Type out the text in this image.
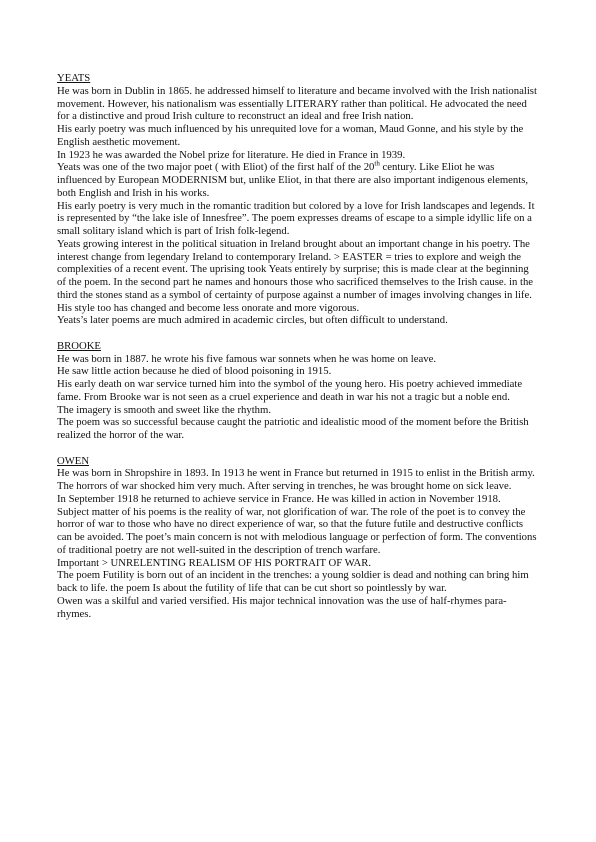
YEATS

He was born in Dublin in 1865. he addressed himself to literature and became involved with the Irish nationalist movement. However, his nationalism was essentially LITERARY rather than political. He advocated the need for a distinctive and proud Irish culture to reconstruct an ideal and free Irish nation.

His early poetry was much influenced by his unrequited love for a woman, Maud Gonne, and his style by the English aesthetic movement.

In 1923 he was awarded the Nobel prize for literature. He died in France in 1939.

Yeats was one of the two major poet ( with Eliot) of the first half of the 20th century. Like Eliot he was influenced by European MODERNISM but, unlike Eliot, in that there are also important indigenous elements, both English and Irish in his works.

His early poetry is very much in the romantic tradition but colored by a love for Irish landscapes and legends. It is represented by “the lake isle of Innesfree”. The poem expresses dreams of escape to a simple idyllic life on a small solitary island which is part of Irish folk-legend.

Yeats growing interest in the political situation in Ireland brought about an important change in his poetry. The interest change from legendary Ireland to contemporary Ireland. > EASTER = tries to explore and weigh the complexities of a recent event. The uprising took Yeats entirely by surprise; this is made clear at the beginning of the poem. In the second part he names and honours those who sacrificed themselves to the Irish cause. in the third the stones stand as a symbol of certainty of purpose against a number of images involving changes in life.

His style too has changed and become less onorate and more vigorous.

Yeats’s later poems are much admired in academic circles, but often difficult to understand.

BROOKE

He was born in 1887. he wrote his five famous war sonnets when he was home on leave.

He saw little action because he died of blood poisoning in 1915.

His early death on war service turned him into the symbol of the young hero. His poetry achieved immediate fame. From Brooke war is not seen as a cruel experience and death in war his not a tragic but a noble end.

The imagery is smooth and sweet like the rhythm.

The poem was so successful because caught the patriotic and idealistic mood of the moment before the British realized the horror of the war.

OWEN

He was born in Shropshire in 1893. In 1913 he went in France but returned in 1915 to enlist in the British army. The horrors of war shocked him very much. After serving in trenches, he was brought home on sick leave.

In September 1918 he returned to achieve service in France. He was killed in action in November 1918.

Subject matter of his poems is the reality of war, not glorification of war. The role of the poet is to convey the horror of war to those who have no direct experience of war, so that the future futile and destructive conflicts can be avoided. The poet’s main concern is not with melodious language or perfection of form. The conventions of traditional poetry are not well-suited in the description of trench warfare.

Important > UNRELENTING REALISM OF HIS PORTRAIT OF WAR.

The poem Futility is born out of an incident in the trenches: a young soldier is dead and nothing can bring him back to life. the poem Is about the futility of life that can be cut short so pointlessly by war.

Owen was a skilful and varied versified. His major technical innovation was the use of half-rhymes para-rhymes.
